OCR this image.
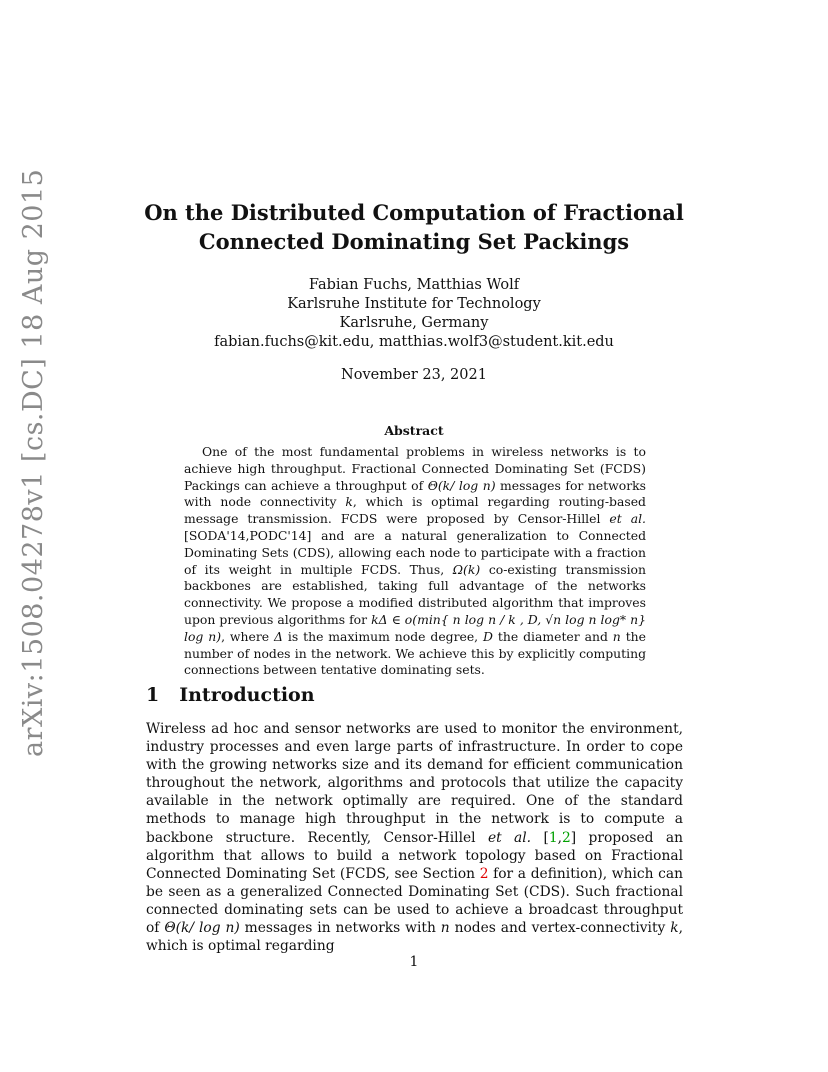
arXiv:1508.04278v1 [cs.DC] 18 Aug 2015	On the Distributed Computation of Fractional
Connected Dominating Set Packings
Fabian Fuchs, Matthias Wolf
Karlsruhe Institute for Technology
Karlsruhe, Germany
fabian.fuchs@kit.edu, matthias.wolf3@student.kit.edu
November 23, 2021
Abstract

One of the most fundamental problems in wireless networks is to achieve high throughput. Fractional Connected Dominating Set (FCDS) Packings can achieve a throughput of Θ(k/ log n) messages for networks with node connectivity k, which is optimal regarding routing-based message transmission. FCDS were proposed by Censor-Hillel et al. [SODA'14,PODC'14] and are a natural generalization to Connected Dominating Sets (CDS), allowing each node to participate with a fraction of its weight in multiple FCDS. Thus, Ω(k) co-existing transmission backbones are established, taking full advantage of the networks connectivity. We propose a modified distributed algorithm that improves upon previous algorithms for kΔ ∈ o(min{ n log n / k , D, √n log n log* n} log n), where Δ is the maximum node degree, D the diameter and n the number of nodes in the network. We achieve this by explicitly computing connections between tentative dominating sets.

1 Introduction

Wireless ad hoc and sensor networks are used to monitor the environment, industry processes and even large parts of infrastructure. In order to cope with the growing networks size and its demand for efficient communication throughout the network, algorithms and protocols that utilize the capacity available in the network optimally are required. One of the standard methods to manage high throughput in the network is to compute a backbone structure. Recently, Censor-Hillel et al. [1,2] proposed an algorithm that allows to build a network topology based on Fractional Connected Dominating Set (FCDS, see Section 2 for a definition), which can be seen as a generalized Connected Dominating Set (CDS). Such fractional connected dominating sets can be used to achieve a broadcast throughput of Θ(k/ log n) messages in networks with n nodes and vertex-connectivity k, which is optimal regarding

1
